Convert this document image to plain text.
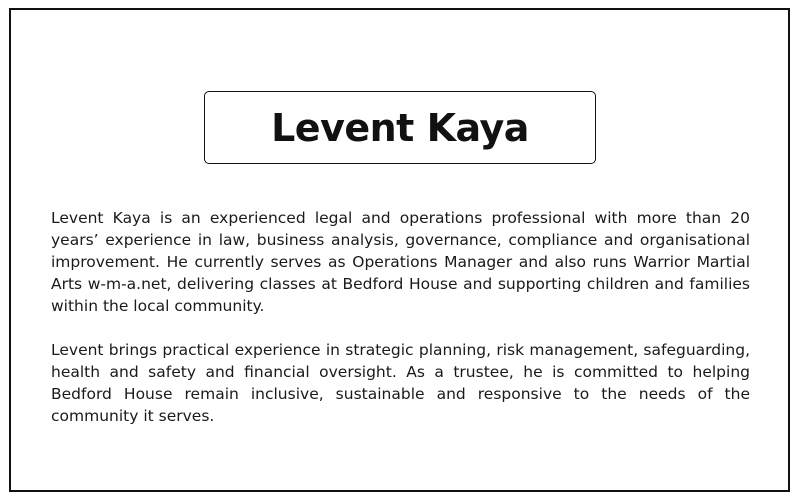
Levent Kaya

Levent Kaya is an experienced legal and operations professional with more than 20 years’ experience in law, business analysis, governance, compliance and organisational improvement. He currently serves as Operations Manager and also runs Warrior Martial Arts w-m-a.net, delivering classes at Bedford House and supporting children and families within the local community.

Levent brings practical experience in strategic planning, risk management, safeguarding, health and safety and financial oversight. As a trustee, he is committed to helping Bedford House remain inclusive, sustainable and responsive to the needs of the community it serves.
